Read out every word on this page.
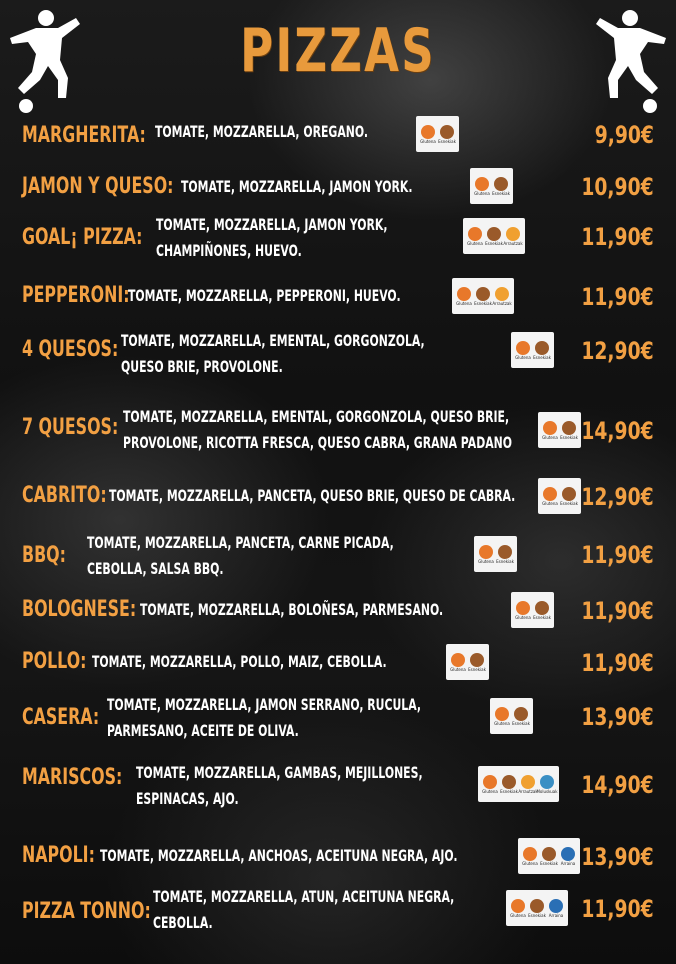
PIZZAS
MARGHERITA: TOMATE, MOZZARELLA, OREGANO.	Glutena Esnekiak	9,90€
JAMON Y QUESO: TOMATE, MOZZARELLA, JAMON YORK.	Glutena Esnekiak	10,90€
GOAL¡ PIZZA:
TOMATE, MOZZARELLA, JAMON YORK,
CHAMPIÑONES, HUEVO.	Glutena Esnekiak Arrautzak 11,90€
PEPPERONI:
TOMATE, MOZZARELLA, PEPPERONI, HUEVO.	Glutena Esnekiak Arrautzak	11,90€
4 QUESOS: TOMATE, MOZZARELLA, EMENTAL, GORGONZOLA,
QUESO BRIE, PROVOLONE.	Glutena Esnekiak 12,90€
7 QUESOS: TOMATE, MOZZARELLA, EMENTAL, GORGONZOLA, QUESO BRIE,
PROVOLONE, RICOTTA FRESCA, QUESO CABRA, GRANA PADANO	Glutena Esnekiak 14,90€
CABRITO: TOMATE, MOZZARELLA, PANCETA, QUESO BRIE, QUESO DE CABRA.	Glutena Esnekiak 12,90€
BBQ:
TOMATE, MOZZARELLA, PANCETA, CARNE PICADA,
CEBOLLA, SALSA BBQ.	Glutena Esnekiak	11,90€
BOLOGNESE: TOMATE, MOZZARELLA, BOLOÑESA, PARMESANO.	Glutena Esnekiak 11,90€
POLLO: TOMATE, MOZZARELLA, POLLO, MAIZ, CEBOLLA.	Glutena Esnekiak	11,90€
CASERA:
TOMATE, MOZZARELLA, JAMON SERRANO, RUCULA,
PARMESANO, ACEITE DE OLIVA.	Glutena Esnekiak 13,90€
MARISCOS: TOMATE, MOZZARELLA, GAMBAS, MEJILLONES,
ESPINACAS, AJO.	Glutena Esnekiak Arrautzak
Moluskuak 14,90€
NAPOLI: TOMATE, MOZZARELLA, ANCHOAS, ACEITUNA NEGRA, AJO.	Glutena Esnekiak Arraina 13,90€
PIZZA TONNO:
TOMATE, MOZZARELLA, ATUN, ACEITUNA NEGRA,
CEBOLLA.	Glutena Esnekiak Arraina 11,90€
